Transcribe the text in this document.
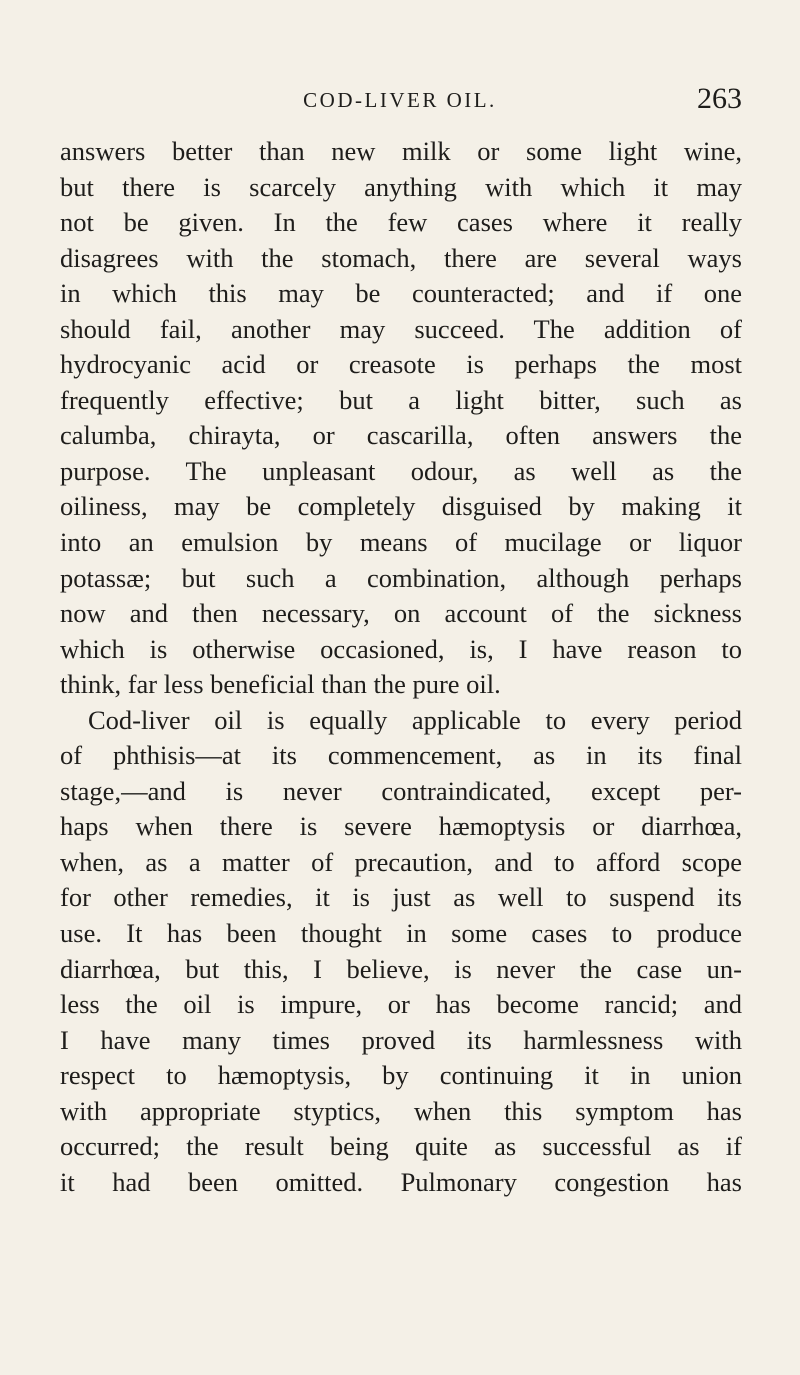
COD-LIVER OIL.	263
answers better than new milk or some light wine,
but there is scarcely anything with which it may
not be given. In the few cases where it really
disagrees with the stomach, there are several ways
in which this may be counteracted; and if one
should fail, another may succeed. The addition of
hydrocyanic acid or creasote is perhaps the most
frequently effective; but a light bitter, such as
calumba, chirayta, or cascarilla, often answers the
purpose. The unpleasant odour, as well as the
oiliness, may be completely disguised by making it
into an emulsion by means of mucilage or liquor
potassæ; but such a combination, although perhaps
now and then necessary, on account of the sickness
which is otherwise occasioned, is, I have reason to
think, far less beneficial than the pure oil.
Cod-liver oil is equally applicable to every period
of phthisis—at its commencement, as in its final
stage,—and is never contraindicated, except per-
haps when there is severe hæmoptysis or diarrhœa,
when, as a matter of precaution, and to afford scope
for other remedies, it is just as well to suspend its
use. It has been thought in some cases to produce
diarrhœa, but this, I believe, is never the case un-
less the oil is impure, or has become rancid; and
I have many times proved its harmlessness with
respect to hæmoptysis, by continuing it in union
with appropriate styptics, when this symptom has
occurred; the result being quite as successful as if
it had been omitted. Pulmonary congestion has
